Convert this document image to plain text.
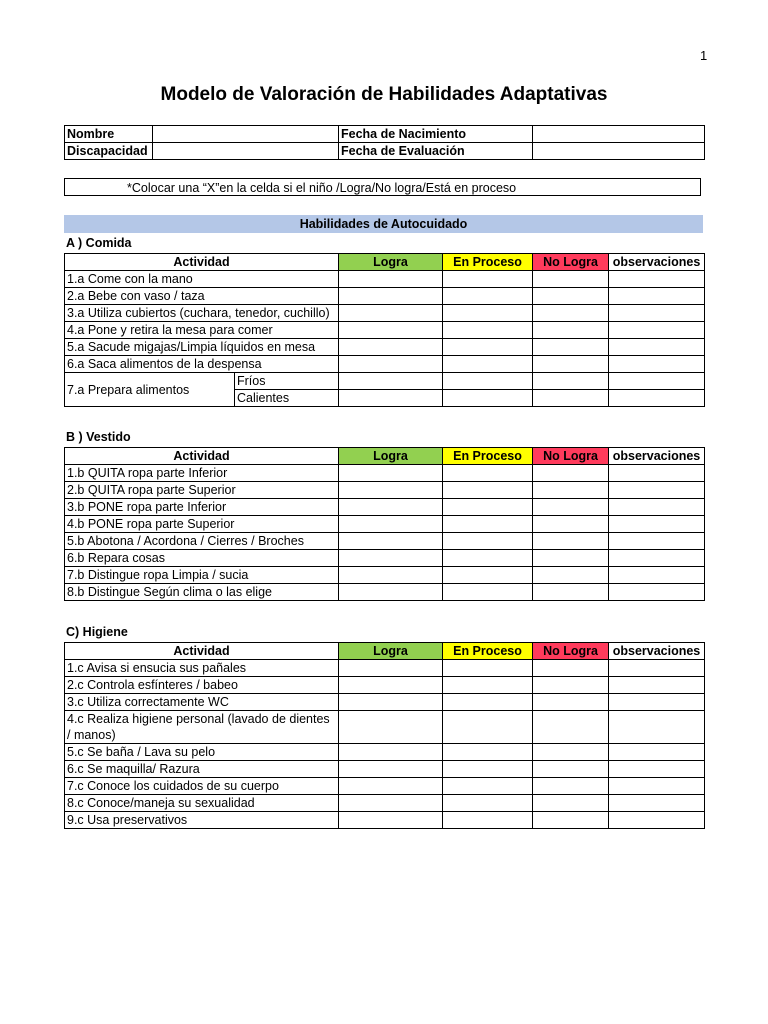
1
Modelo de Valoración de Habilidades Adaptativas
Nombre		Fecha de Nacimiento	
Discapacidad		Fecha de Evaluación	
*Colocar una “X”en la celda si el niño /Logra/No logra/Está en proceso
Habilidades de Autocuidado
A ) Comida
Actividad		Logra	En Proceso	No Logra	observaciones
1.a Come con la mano					
2.a Bebe con vaso / taza					
3.a Utiliza cubiertos (cuchara, tenedor, cuchillo)					
4.a Pone y retira la mesa para comer					
5.a Sacude migajas/Limpia líquidos en mesa					
6.a Saca alimentos de la despensa					
7.a Prepara alimentos	Fríos				
	Calientes				
B ) Vestido
Actividad	Logra	En Proceso	No Logra	observaciones
1.b QUITA ropa parte Inferior				
2.b QUITA ropa parte Superior				
3.b PONE ropa parte Inferior				
4.b PONE ropa parte Superior				
5.b Abotona / Acordona / Cierres / Broches				
6.b Repara cosas				
7.b Distingue ropa Limpia / sucia				
8.b Distingue Según clima o las elige				
C) Higiene
Actividad	Logra	En Proceso	No Logra	observaciones
1.c Avisa si ensucia sus pañales				
2.c Controla esfínteres / babeo				
3.c Utiliza correctamente WC				
4.c Realiza higiene personal (lavado de dientes / manos)				
5.c Se baña / Lava su pelo				
6.c Se maquilla/ Razura				
7.c Conoce los cuidados de su cuerpo				
8.c Conoce/maneja su sexualidad				
9.c Usa preservativos				
